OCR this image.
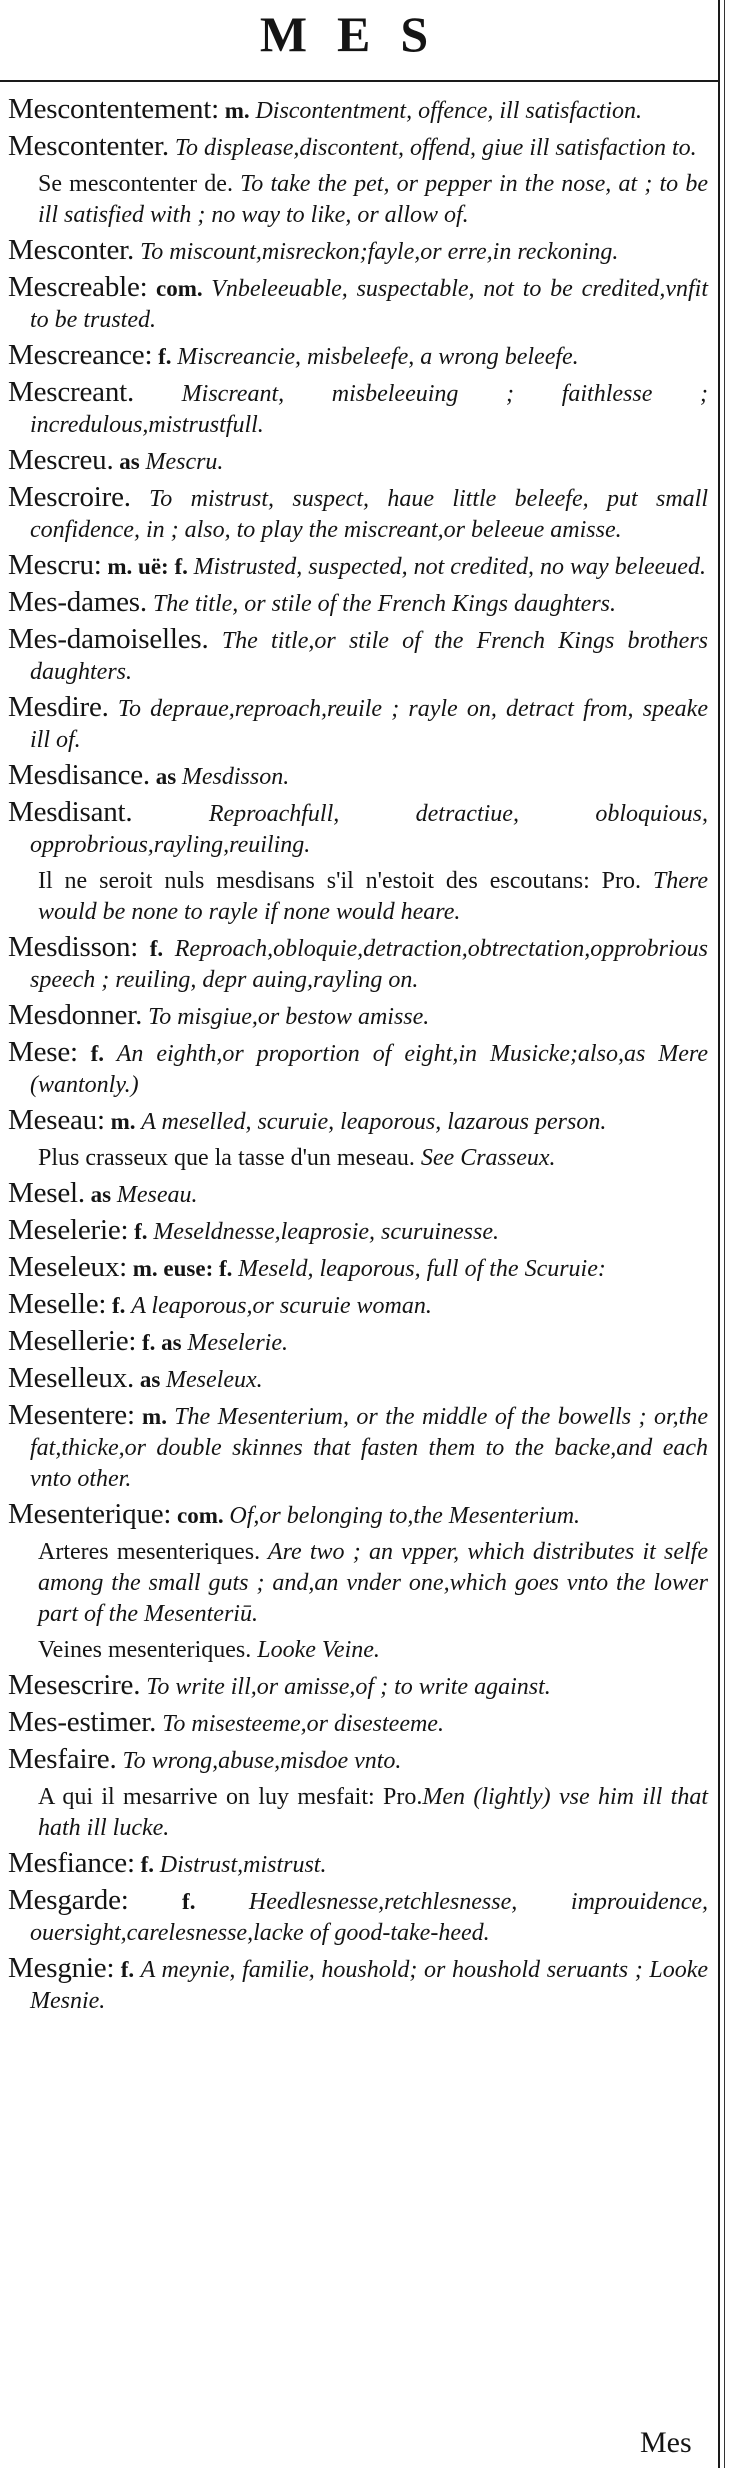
MES
Mescontentement: m. Discontentment, offence, ill satisfaction.
Mescontenter. To displease,discontent, offend, giue ill satisfaction to.
Se mescontenter de. To take the pet, or pepper in the nose, at ; to be ill satisfied with ; no way to like, or allow of.
Mesconter. To miscount,misreckon;fayle,or erre,in reckoning.
Mescreable: com. Vnbeleeuable, suspectable, not to be credited,vnfit to be trusted.
Mescreance: f. Miscreancie, misbeleefe, a wrong beleefe.
Mescreant. Miscreant, misbeleeuing ; faithlesse ; incredulous,mistrustfull.
Mescreu. as Mescru.
Mescroire. To mistrust, suspect, haue little beleefe, put small confidence, in ; also, to play the miscreant,or beleeue amisse.
Mescru: m. uë: f. Mistrusted, suspected, not credited, no way beleeued.
Mes-dames. The title, or stile of the French Kings daughters.
Mes-damoiselles. The title,or stile of the French Kings brothers daughters.
Mesdire. To depraue,reproach,reuile ; rayle on, detract from, speake ill of.
Mesdisance. as Mesdisson.
Mesdisant. Reproachfull, detractiue, obloquious, opprobrious,rayling,reuiling.
Il ne seroit nuls mesdisans s'il n'estoit des escoutans: Pro. There would be none to rayle if none would heare.
Mesdisson: f. Reproach,obloquie,detraction,obtrectation,opprobrious speech ; reuiling, depr auing,rayling on.
Mesdonner. To misgiue,or bestow amisse.
Mese: f. An eighth,or proportion of eight,in Musicke;also,as Mere (wantonly.)
Meseau: m. A meselled, scuruie, leaporous, lazarous person.
Plus crasseux que la tasse d'un meseau. See Crasseux.
Mesel. as Meseau.
Meselerie: f. Meseldnesse,leaprosie, scuruinesse.
Meseleux: m. euse: f. Meseld, leaporous, full of the Scuruie:
Meselle: f. A leaporous,or scuruie woman.
Mesellerie: f. as Meselerie.
Meselleux. as Meseleux.
Mesentere: m. The Mesenterium, or the middle of the bowells ; or,the fat,thicke,or double skinnes that fasten them to the backe,and each vnto other.
Mesenterique: com. Of,or belonging to,the Mesenterium.
Arteres mesenteriques. Are two ; an vpper, which distributes it selfe among the small guts ; and,an vnder one,which goes vnto the lower part of the Mesenteriū.
Veines mesenteriques. Looke Veine.
Mesescrire. To write ill,or amisse,of ; to write against.
Mes-estimer. To misesteeme,or disesteeme.
Mesfaire. To wrong,abuse,misdoe vnto.
A qui il mesarrive on luy mesfait: Pro.Men (lightly) vse him ill that hath ill lucke.
Mesfiance: f. Distrust,mistrust.
Mesgarde: f. Heedlesnesse,retchlesnesse, improuidence, ouersight,carelesnesse,lacke of good-take-heed.
Mesgnie: f. A meynie, familie, houshold; or houshold seruants ; Looke Mesnie.
Mes
